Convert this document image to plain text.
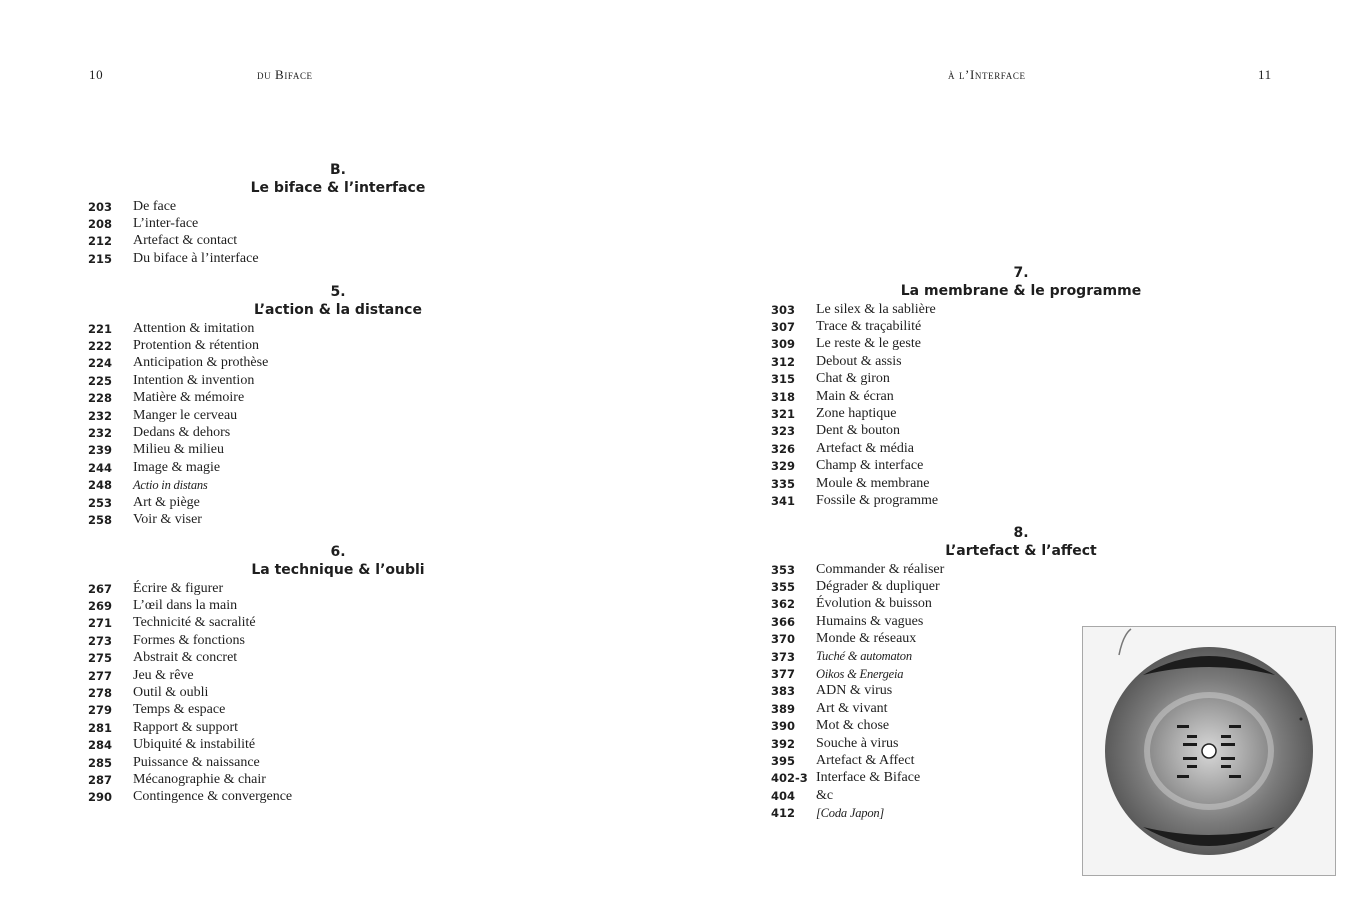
10	du Biface	à l’Interface	11
B.
Le biface & l’interface
203	De face
208	L’inter-face
212	Artefact & contact
215	Du biface à l’interface
5.
L’action & la distance
221	Attention & imitation
222	Protention & rétention
224	Anticipation & prothèse
225	Intention & invention
228	Matière & mémoire
232	Manger le cerveau
232	Dedans & dehors
239	Milieu & milieu
244	Image & magie
248	Actio in distans
253	Art & piège
258	Voir & viser
6.
La technique & l’oubli
267	Écrire & figurer
269	L’œil dans la main
271	Technicité & sacralité
273	Formes & fonctions
275	Abstrait & concret
277	Jeu & rêve
278	Outil & oubli
279	Temps & espace
281	Rapport & support
284	Ubiquité & instabilité
285	Puissance & naissance
287	Mécanographie & chair
290	Contingence & convergence
7.
La membrane & le programme
303	Le silex & la sablière
307	Trace & traçabilité
309	Le reste & le geste
312	Debout & assis
315	Chat & giron
318	Main & écran
321	Zone haptique
323	Dent & bouton
326	Artefact & média
329	Champ & interface
335	Moule & membrane
341	Fossile & programme
8.
L’artefact & l’affect
353	Commander & réaliser
355	Dégrader & dupliquer
362	Évolution & buisson
366	Humains & vagues
370	Monde & réseaux
373	Tuché & automaton
377	Oikos & Energeia
383	ADN & virus
389	Art & vivant
390	Mot & chose
392	Souche à virus
395	Artefact & Affect
402-3 Interface & Biface
404	&c
412	[Coda Japon]
